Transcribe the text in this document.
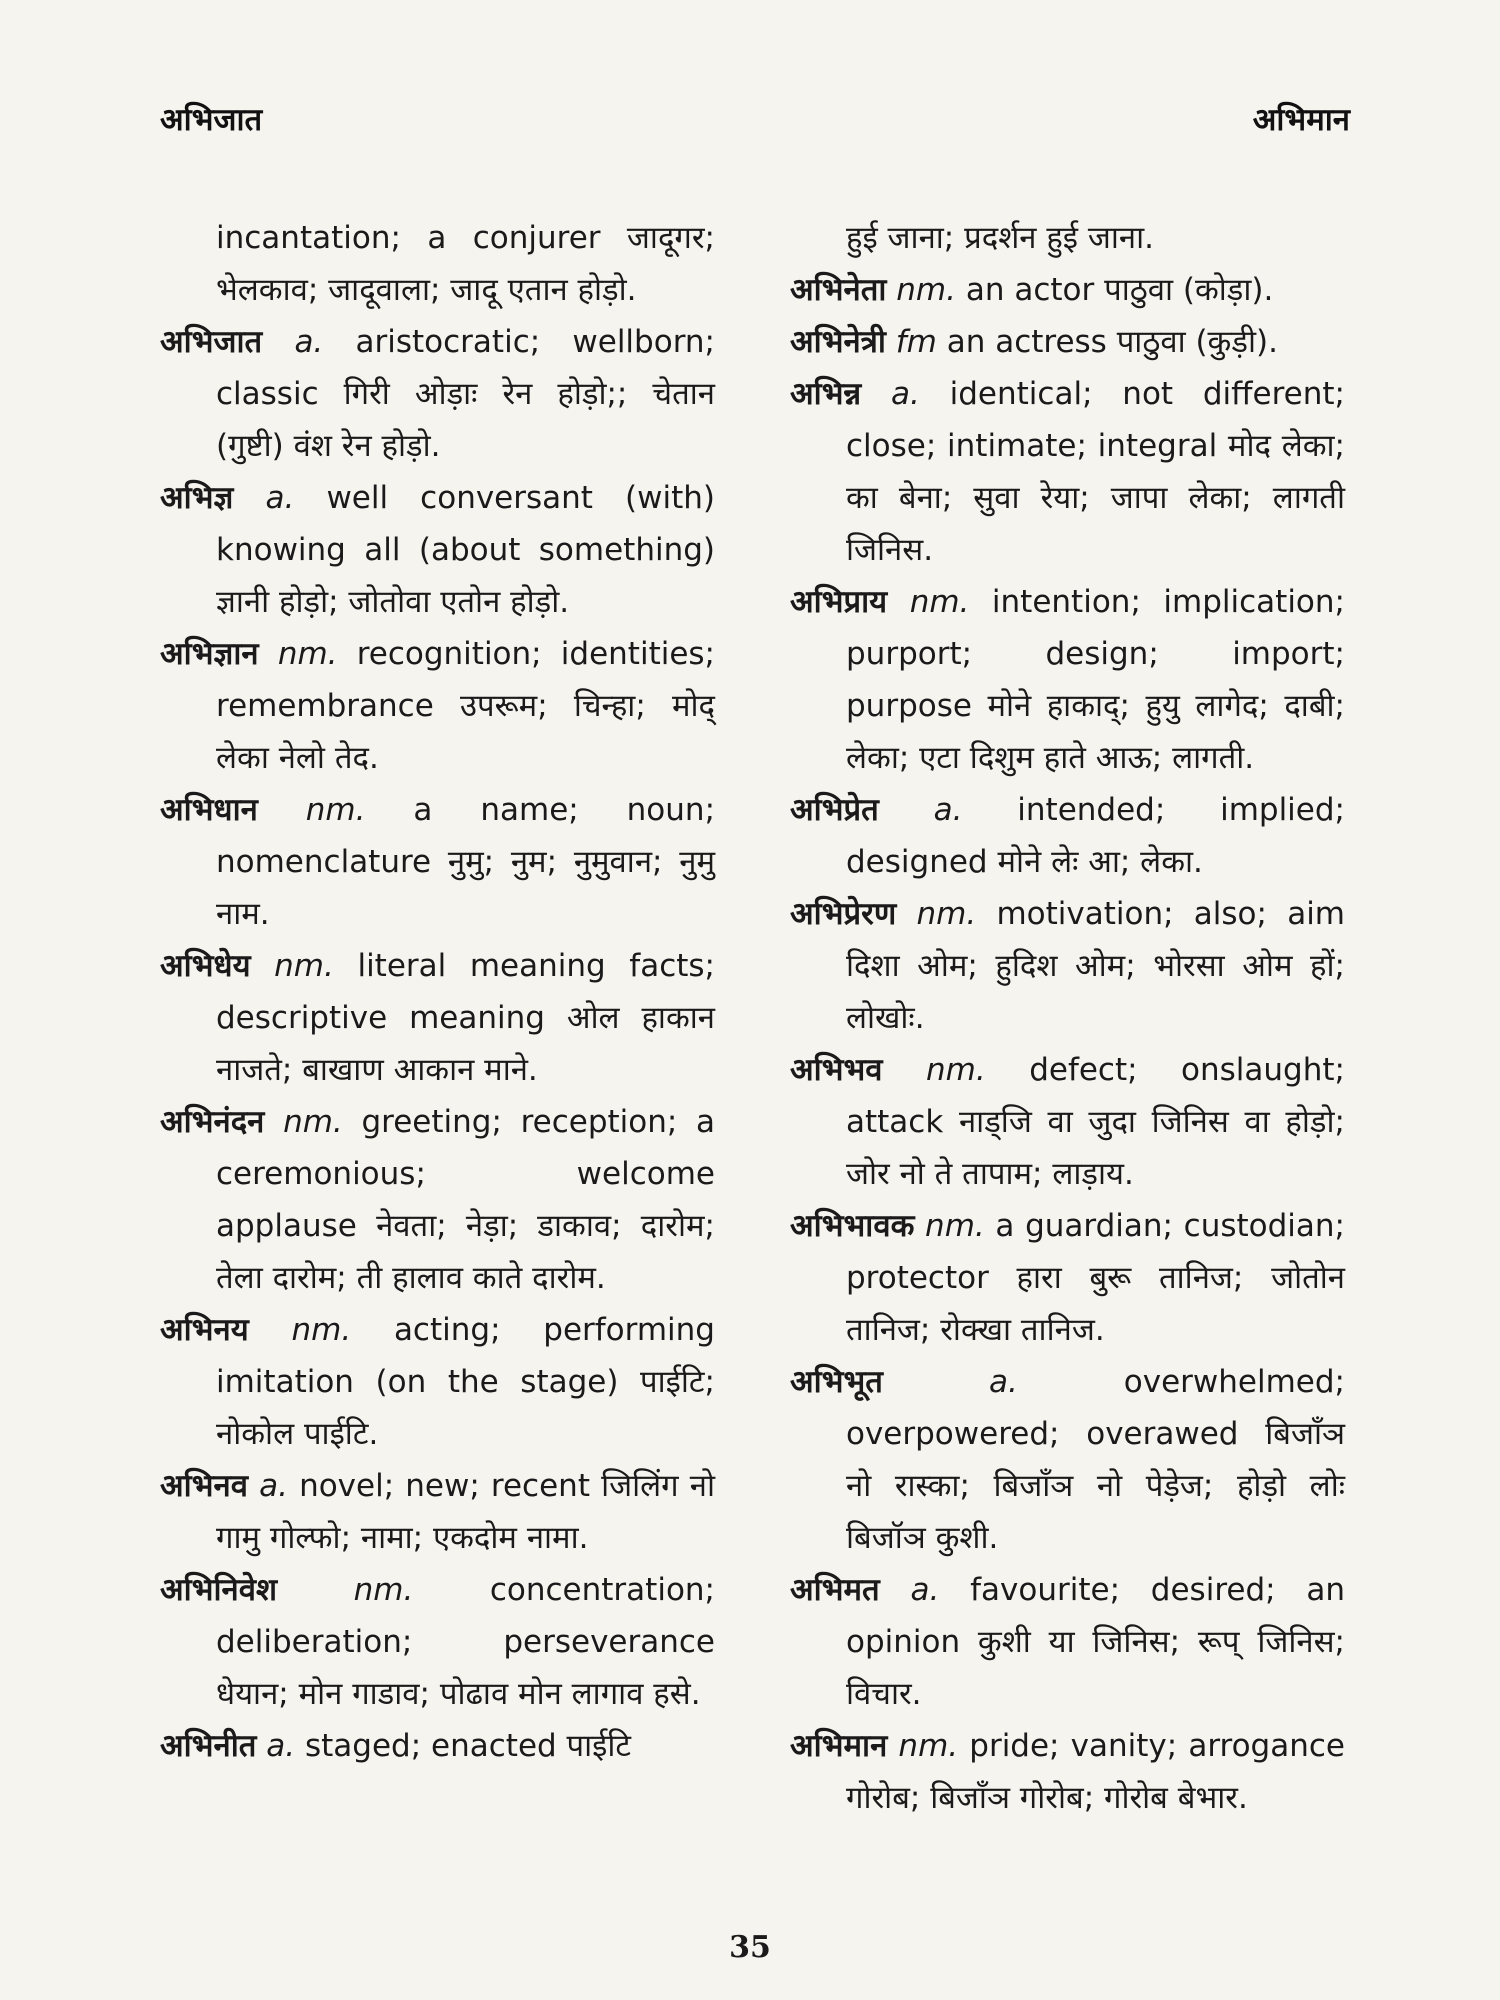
अभिजात	अभिमान

incantation; a conjurer जादूगर; भेलकाव; जादूवाला; जादू एतान होड़ो.

अभिजात a. aristocratic; wellborn; classic गिरी ओड़ाः रेन होड़ो;; चेतान (गुष्टी) वंश रेन होड़ो.

अभिज्ञ a. well conversant (with) knowing all (about something) ज्ञानी होड़ो; जोतोवा एतोन होड़ो.

अभिज्ञान nm. recognition; identities; remembrance उपरूम; चिन्हा; मोद् लेका नेलो तेद.

अभिधान nm. a name; noun; nomenclature नुमु; नुम; नुमुवान; नुमु नाम.

अभिधेय nm. literal meaning facts; descriptive meaning ओल हाकान नाजते; बाखाण आकान माने.

अभिनंदन nm. greeting; reception; a ceremonious; welcome applause नेवता; नेड़ा; डाकाव; दारोम; तेला दारोम; ती हालाव काते दारोम.

अभिनय nm. acting; performing imitation (on the stage) पाईटि; नोकोल पाईटि.

अभिनव a. novel; new; recent जिलिंग नो गामु गोल्फो; नामा; एकदोम नामा.

अभिनिवेश nm. concentration; deliberation; perseverance धेयान; मोन गाडाव; पोढाव मोन लागाव हसे.

अभिनीत a. staged; enacted पाईटि

हुई जाना; प्रदर्शन हुई जाना.

अभिनेता nm. an actor पाठुवा (कोड़ा).

अभिनेत्री fm an actress पाठुवा (कुड़ी).

अभिन्न a. identical; not different; close; intimate; integral मोद लेका; का बेना; सुवा रेया; जापा लेका; लागती जिनिस.

अभिप्राय nm. intention; implication; purport; design; import; purpose मोने हाकाद्; हुयु लागेद; दाबी; लेका; एटा दिशुम हाते आऊ; लागती.

अभिप्रेत a. intended; implied; designed मोने लेः आ; लेका.

अभिप्रेरण nm. motivation; also; aim दिशा ओम; हुदिश ओम; भोरसा ओम हों; लोखोः.

अभिभव nm. defect; onslaught; attack नाड्जि वा जुदा जिनिस वा होड़ो; जोर नो ते तापाम; लाड़ाय.

अभिभावक nm. a guardian; custodian; protector हारा बुरू तानिज; जोतोन तानिज; रोक्खा तानिज.

अभिभूत	a.	overwhelmed; overpowered; overawed बिजाँञ नो रास्का; बिजाँञ नो पेड़ेज; होड़ो लोः बिजॉञ कुशी.

अभिमत a. favourite; desired; an opinion कुशी या जिनिस; रूप् जिनिस; विचार.

अभिमान nm. pride; vanity; arrogance गोरोब; बिजाँञ गोरोब; गोरोब बेभार.

35
